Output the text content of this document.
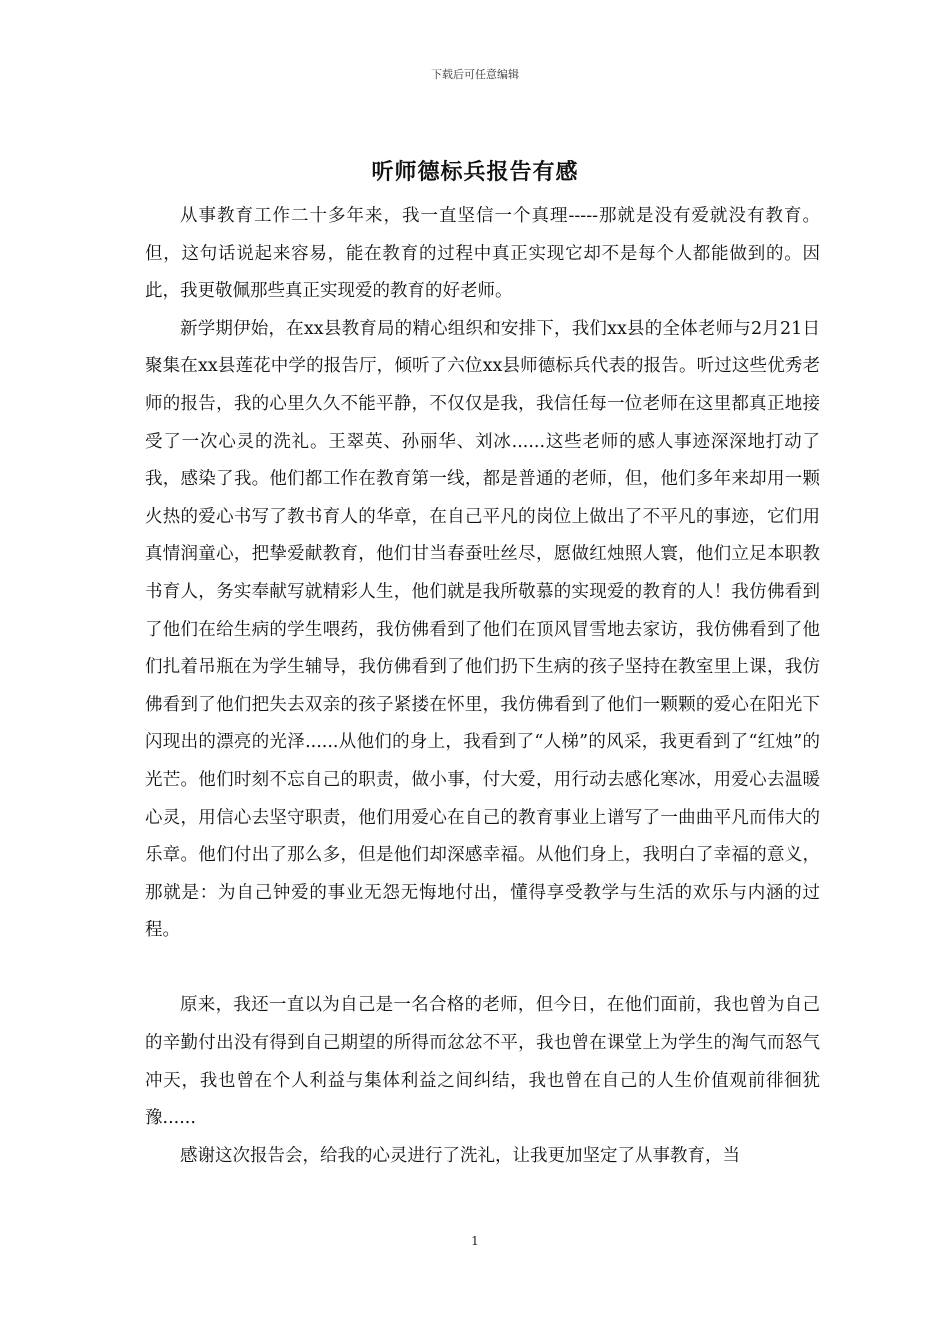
下载后可任意编辑
听师德标兵报告有感

从事教育工作二十多年来，我一直坚信一个真理-----那就是没有爱就没有教育。但，这句话说起来容易，能在教育的过程中真正实现它却不是每个人都能做到的。因此，我更敬佩那些真正实现爱的教育的好老师。

新学期伊始，在xx县教育局的精心组织和安排下，我们xx县的全体老师与2月21日聚集在xx县莲花中学的报告厅，倾听了六位xx县师德标兵代表的报告。听过这些优秀老师的报告，我的心里久久不能平静，不仅仅是我，我信任每一位老师在这里都真正地接受了一次心灵的洗礼。王翠英、孙丽华、刘冰......这些老师的感人事迹深深地打动了我，感染了我。他们都工作在教育第一线，都是普通的老师，但，他们多年来却用一颗火热的爱心书写了教书育人的华章，在自己平凡的岗位上做出了不平凡的事迹，它们用真情润童心，把挚爱献教育，他们甘当春蚕吐丝尽，愿做红烛照人寰，他们立足本职教书育人，务实奉献写就精彩人生，他们就是我所敬慕的实现爱的教育的人！我仿佛看到了他们在给生病的学生喂药，我仿佛看到了他们在顶风冒雪地去家访，我仿佛看到了他们扎着吊瓶在为学生辅导，我仿佛看到了他们扔下生病的孩子坚持在教室里上课，我仿佛看到了他们把失去双亲的孩子紧搂在怀里，我仿佛看到了他们一颗颗的爱心在阳光下闪现出的漂亮的光泽......从他们的身上，我看到了“人梯”的风采，我更看到了“红烛”的光芒。他们时刻不忘自己的职责，做小事，付大爱，用行动去感化寒冰，用爱心去温暖心灵，用信心去坚守职责，他们用爱心在自己的教育事业上谱写了一曲曲平凡而伟大的乐章。他们付出了那么多，但是他们却深感幸福。从他们身上，我明白了幸福的意义，那就是：为自己钟爱的事业无怨无悔地付出，懂得享受教学与生活的欢乐与内涵的过程。

原来，我还一直以为自己是一名合格的老师，但今日，在他们面前，我也曾为自己的辛勤付出没有得到自己期望的所得而忿忿不平，我也曾在课堂上为学生的淘气而怒气冲天，我也曾在个人利益与集体利益之间纠结，我也曾在自己的人生价值观前徘徊犹豫......

感谢这次报告会，给我的心灵进行了洗礼，让我更加坚定了从事教育，当

1
